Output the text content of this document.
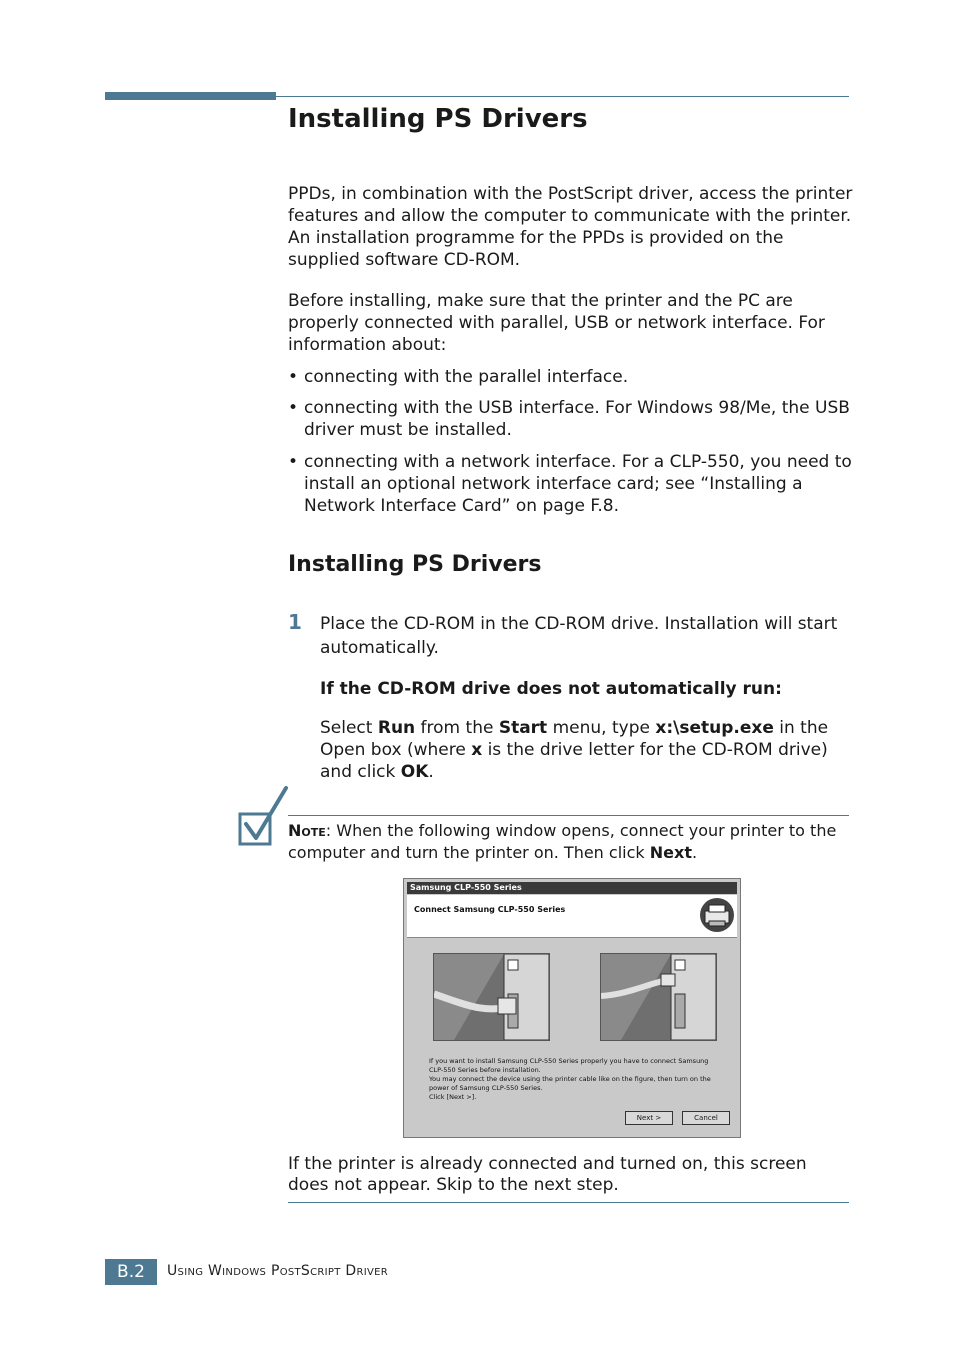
Installing PS Drivers
PPDs, in combination with the PostScript driver, access the printer features and allow the computer to communicate with the printer. An installation programme for the PPDs is provided on the supplied software CD-ROM.
Before installing, make sure that the printer and the PC are properly connected with parallel, USB or network interface. For information about:
• connecting with the parallel interface.
• connecting with the USB interface. For Windows 98/Me, the USB driver must be installed.
• connecting with a network interface. For a CLP-550, you need to install an optional network interface card; see “Installing a Network Interface Card” on page F.8.
Installing PS Drivers
1 Place the CD-ROM in the CD-ROM drive. Installation will start automatically.
If the CD-ROM drive does not automatically run:
Select Run from the Start menu, type x:\setup.exe in the Open box (where x is the drive letter for the CD-ROM drive) and click OK.
Note: When the following window opens, connect your printer to the computer and turn the printer on. Then click Next.
Samsung CLP-550 Series
Connect Samsung CLP-550 Series
If you want to install Samsung CLP-550 Series properly you have to connect Samsung
CLP-550 Series before installation.
You may connect the device using the printer cable like on the figure, then turn on the
power of Samsung CLP-550 Series.
Click [Next >].
Next >	Cancel
If the printer is already connected and turned on, this screen does not appear. Skip to the next step.
B.2	Using Windows PostScript Driver
